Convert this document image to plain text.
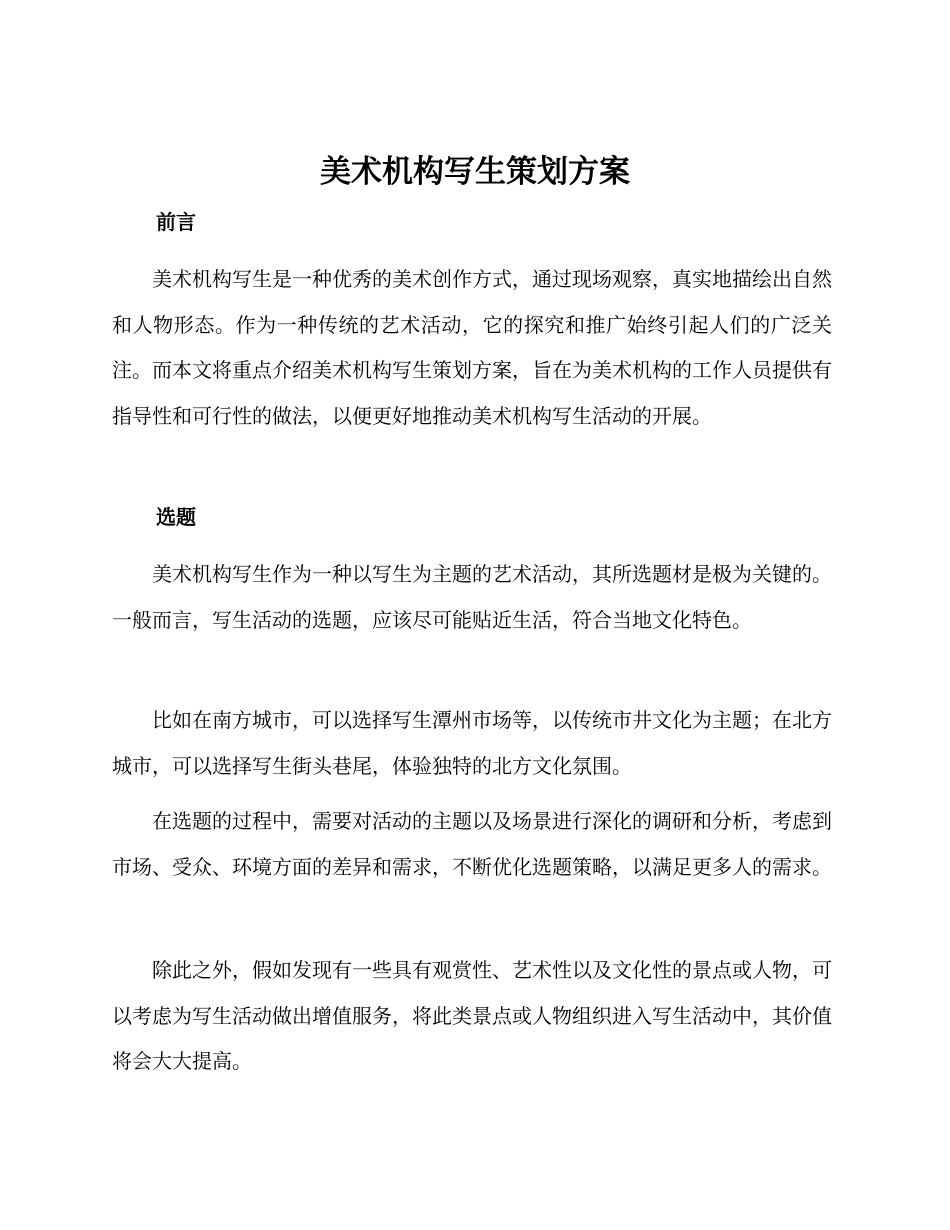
美术机构写生策划方案
前言

美术机构写生是一种优秀的美术创作方式，通过现场观察，真实地描绘出自然和人物形态。作为一种传统的艺术活动，它的探究和推广始终引起人们的广泛关注。而本文将重点介绍美术机构写生策划方案，旨在为美术机构的工作人员提供有指导性和可行性的做法，以便更好地推动美术机构写生活动的开展。

选题

美术机构写生作为一种以写生为主题的艺术活动，其所选题材是极为关键的。一般而言，写生活动的选题，应该尽可能贴近生活，符合当地文化特色。

比如在南方城市，可以选择写生潭州市场等，以传统市井文化为主题；在北方城市，可以选择写生街头巷尾，体验独特的北方文化氛围。

在选题的过程中，需要对活动的主题以及场景进行深化的调研和分析，考虑到市场、受众、环境方面的差异和需求，不断优化选题策略，以满足更多人的需求。

除此之外，假如发现有一些具有观赏性、艺术性以及文化性的景点或人物，可以考虑为写生活动做出增值服务，将此类景点或人物组织进入写生活动中，其价值将会大大提高。
